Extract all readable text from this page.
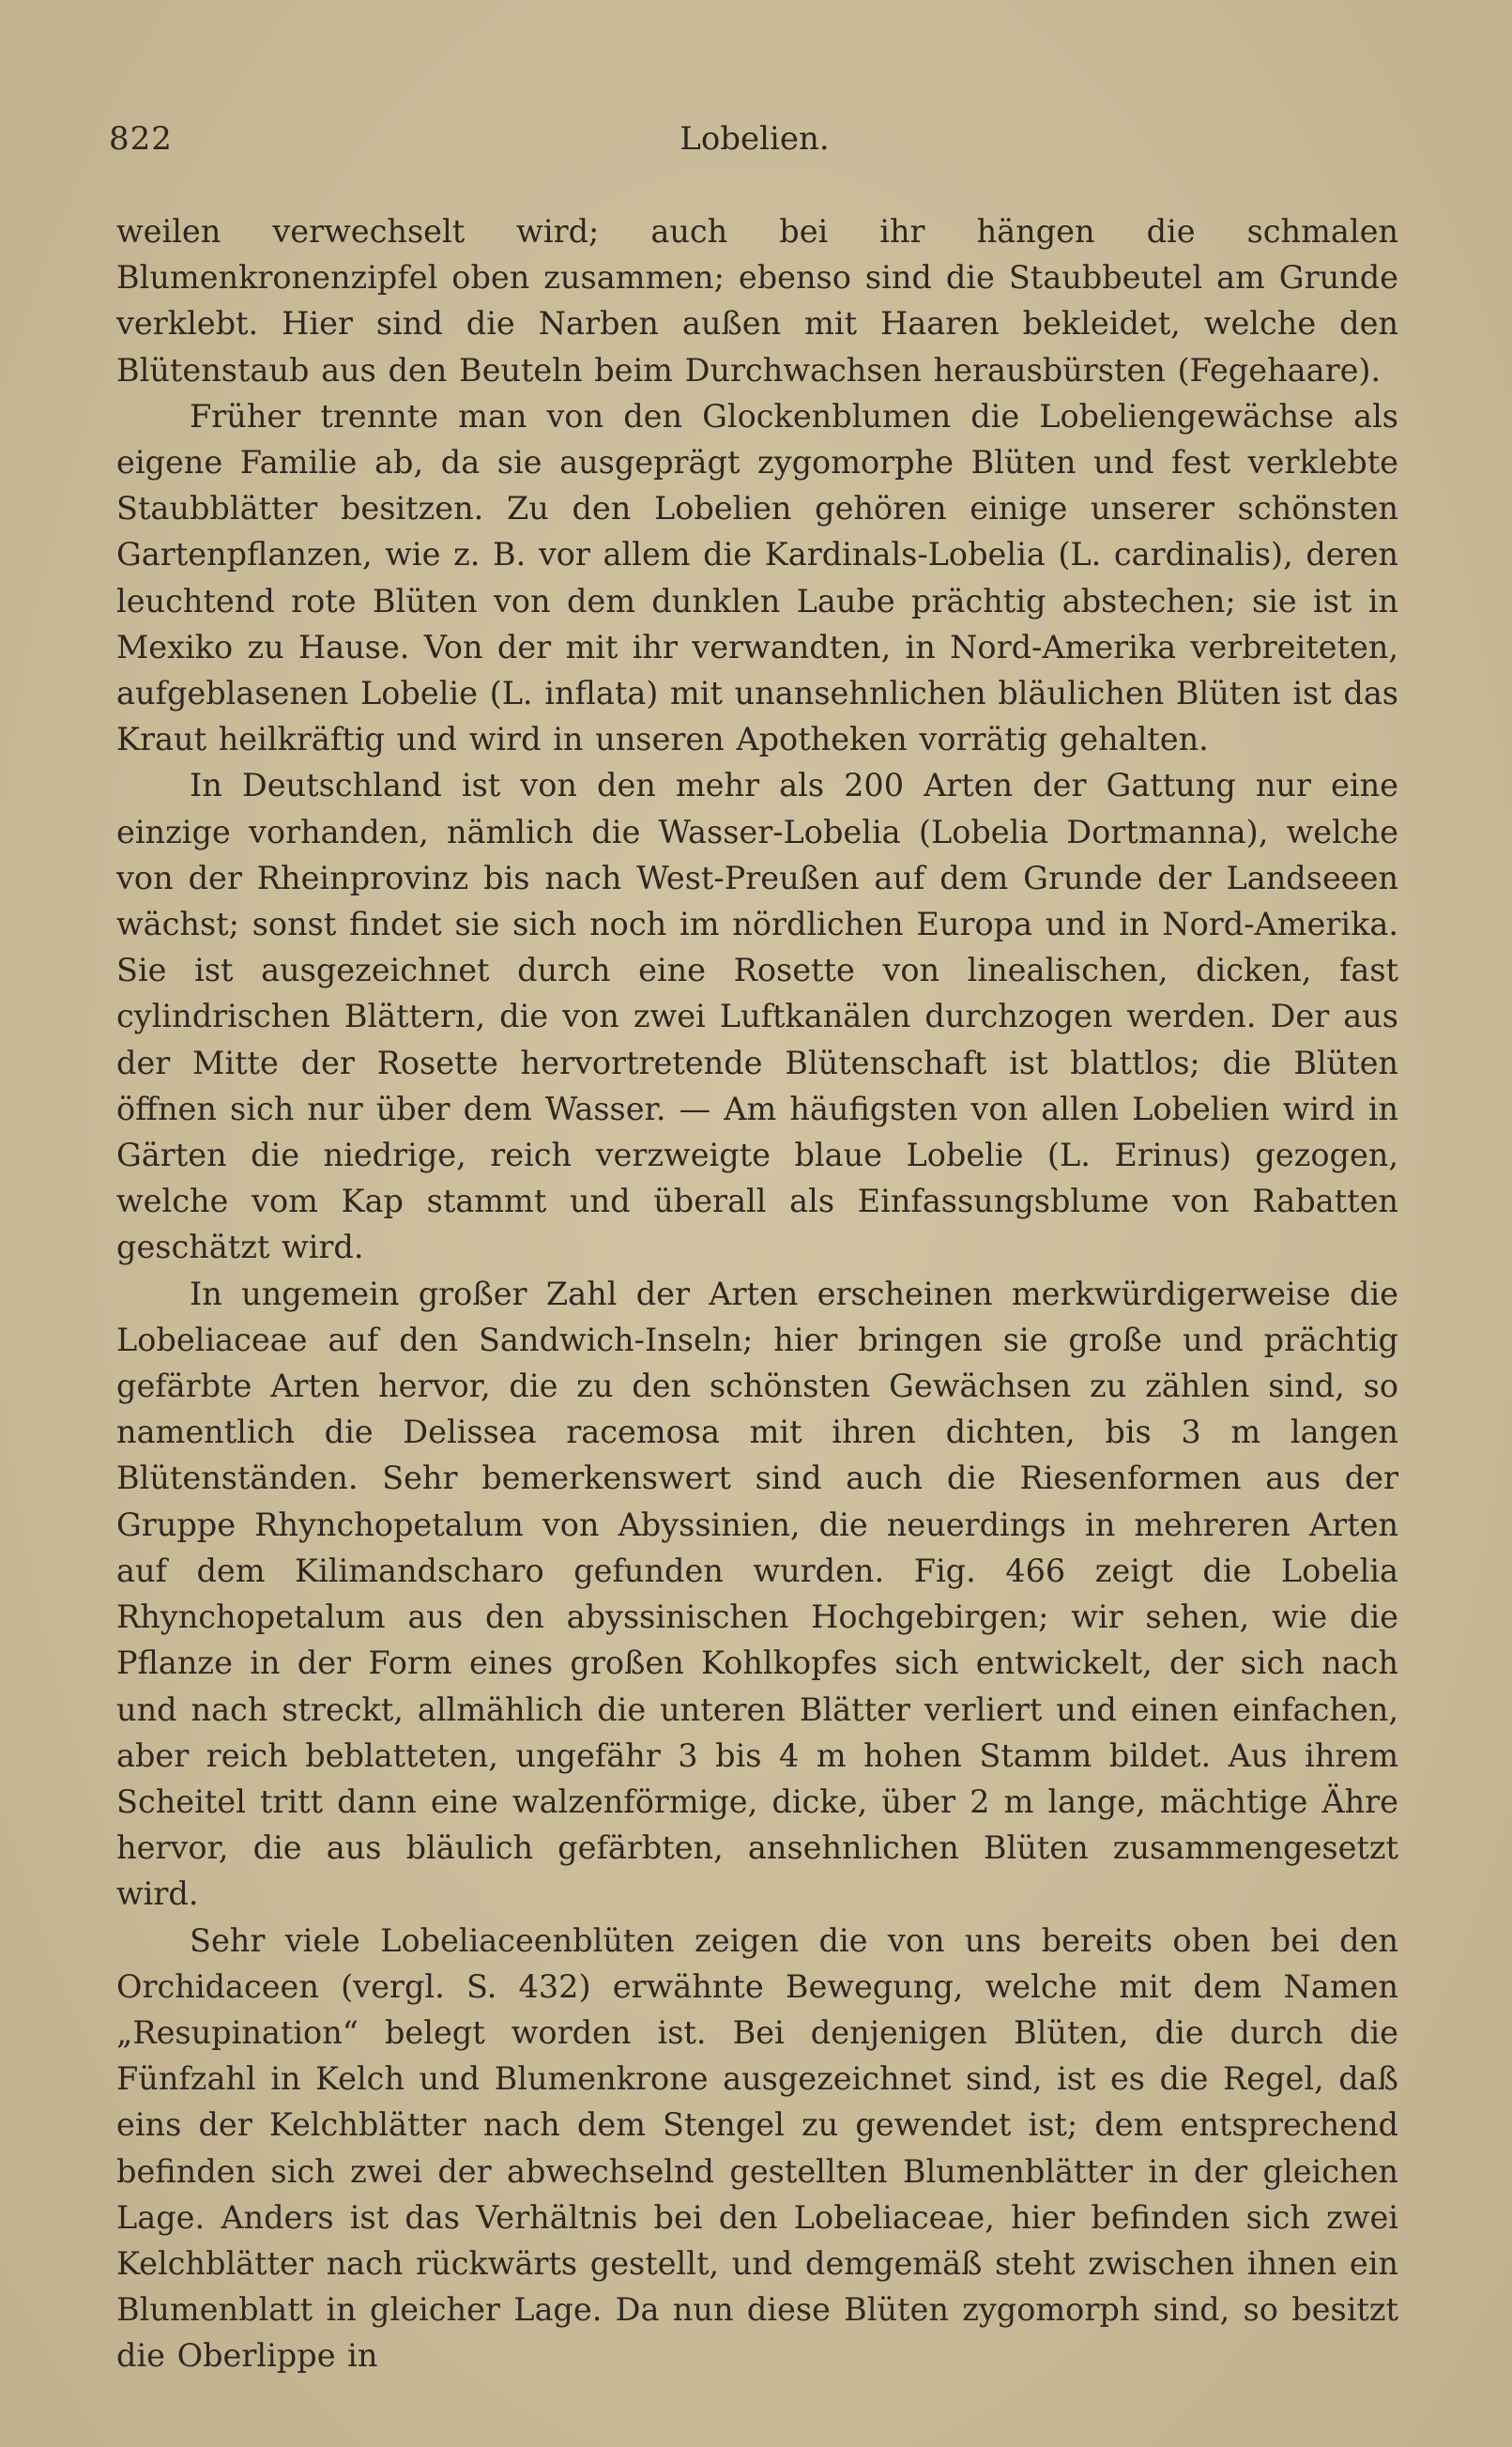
822	Lobelien.

weilen verwechselt wird; auch bei ihr hängen die schmalen Blumenkronenzipfel oben zusammen; ebenso sind die Staubbeutel am Grunde verklebt. Hier sind die Narben außen mit Haaren bekleidet, welche den Blütenstaub aus den Beuteln beim Durchwachsen herausbürsten (Fegehaare).

Früher trennte man von den Glockenblumen die Lobeliengewächse als eigene Familie ab, da sie ausgeprägt zygomorphe Blüten und fest verklebte Staubblätter besitzen. Zu den Lobelien gehören einige unserer schönsten Gartenpflanzen, wie z. B. vor allem die Kardinals-Lobelia (L. cardinalis), deren leuchtend rote Blüten von dem dunklen Laube prächtig abstechen; sie ist in Mexiko zu Hause. Von der mit ihr verwandten, in Nord-Amerika verbreiteten, aufgeblasenen Lobelie (L. inflata) mit unansehnlichen bläulichen Blüten ist das Kraut heilkräftig und wird in unseren Apotheken vorrätig gehalten.

In Deutschland ist von den mehr als 200 Arten der Gattung nur eine einzige vorhanden, nämlich die Wasser-Lobelia (Lobelia Dortmanna), welche von der Rheinprovinz bis nach West-Preußen auf dem Grunde der Landseeen wächst; sonst findet sie sich noch im nördlichen Europa und in Nord-Amerika. Sie ist ausgezeichnet durch eine Rosette von linealischen, dicken, fast cylindrischen Blättern, die von zwei Luftkanälen durchzogen werden. Der aus der Mitte der Rosette hervortretende Blütenschaft ist blattlos; die Blüten öffnen sich nur über dem Wasser. — Am häufigsten von allen Lobelien wird in Gärten die niedrige, reich verzweigte blaue Lobelie (L. Erinus) gezogen, welche vom Kap stammt und überall als Einfassungsblume von Rabatten geschätzt wird.

In ungemein großer Zahl der Arten erscheinen merkwürdigerweise die Lobeliaceae auf den Sandwich-Inseln; hier bringen sie große und prächtig gefärbte Arten hervor, die zu den schönsten Gewächsen zu zählen sind, so namentlich die Delissea racemosa mit ihren dichten, bis 3 m langen Blütenständen. Sehr bemerkenswert sind auch die Riesenformen aus der Gruppe Rhynchopetalum von Abyssinien, die neuerdings in mehreren Arten auf dem Kilimandscharo gefunden wurden. Fig. 466 zeigt die Lobelia Rhynchopetalum aus den abyssinischen Hochgebirgen; wir sehen, wie die Pflanze in der Form eines großen Kohlkopfes sich entwickelt, der sich nach und nach streckt, allmählich die unteren Blätter verliert und einen einfachen, aber reich beblatteten, ungefähr 3 bis 4 m hohen Stamm bildet. Aus ihrem Scheitel tritt dann eine walzenförmige, dicke, über 2 m lange, mächtige Ähre hervor, die aus bläulich gefärbten, ansehnlichen Blüten zusammengesetzt wird.

Sehr viele Lobeliaceenblüten zeigen die von uns bereits oben bei den Orchidaceen (vergl. S. 432) erwähnte Bewegung, welche mit dem Namen „Resupination“ belegt worden ist. Bei denjenigen Blüten, die durch die Fünfzahl in Kelch und Blumenkrone ausgezeichnet sind, ist es die Regel, daß eins der Kelchblätter nach dem Stengel zu gewendet ist; dem entsprechend befinden sich zwei der abwechselnd gestellten Blumenblätter in der gleichen Lage. Anders ist das Verhältnis bei den Lobeliaceae, hier befinden sich zwei Kelchblätter nach rückwärts gestellt, und demgemäß steht zwischen ihnen ein Blumenblatt in gleicher Lage. Da nun diese Blüten zygomorph sind, so besitzt die Oberlippe in
